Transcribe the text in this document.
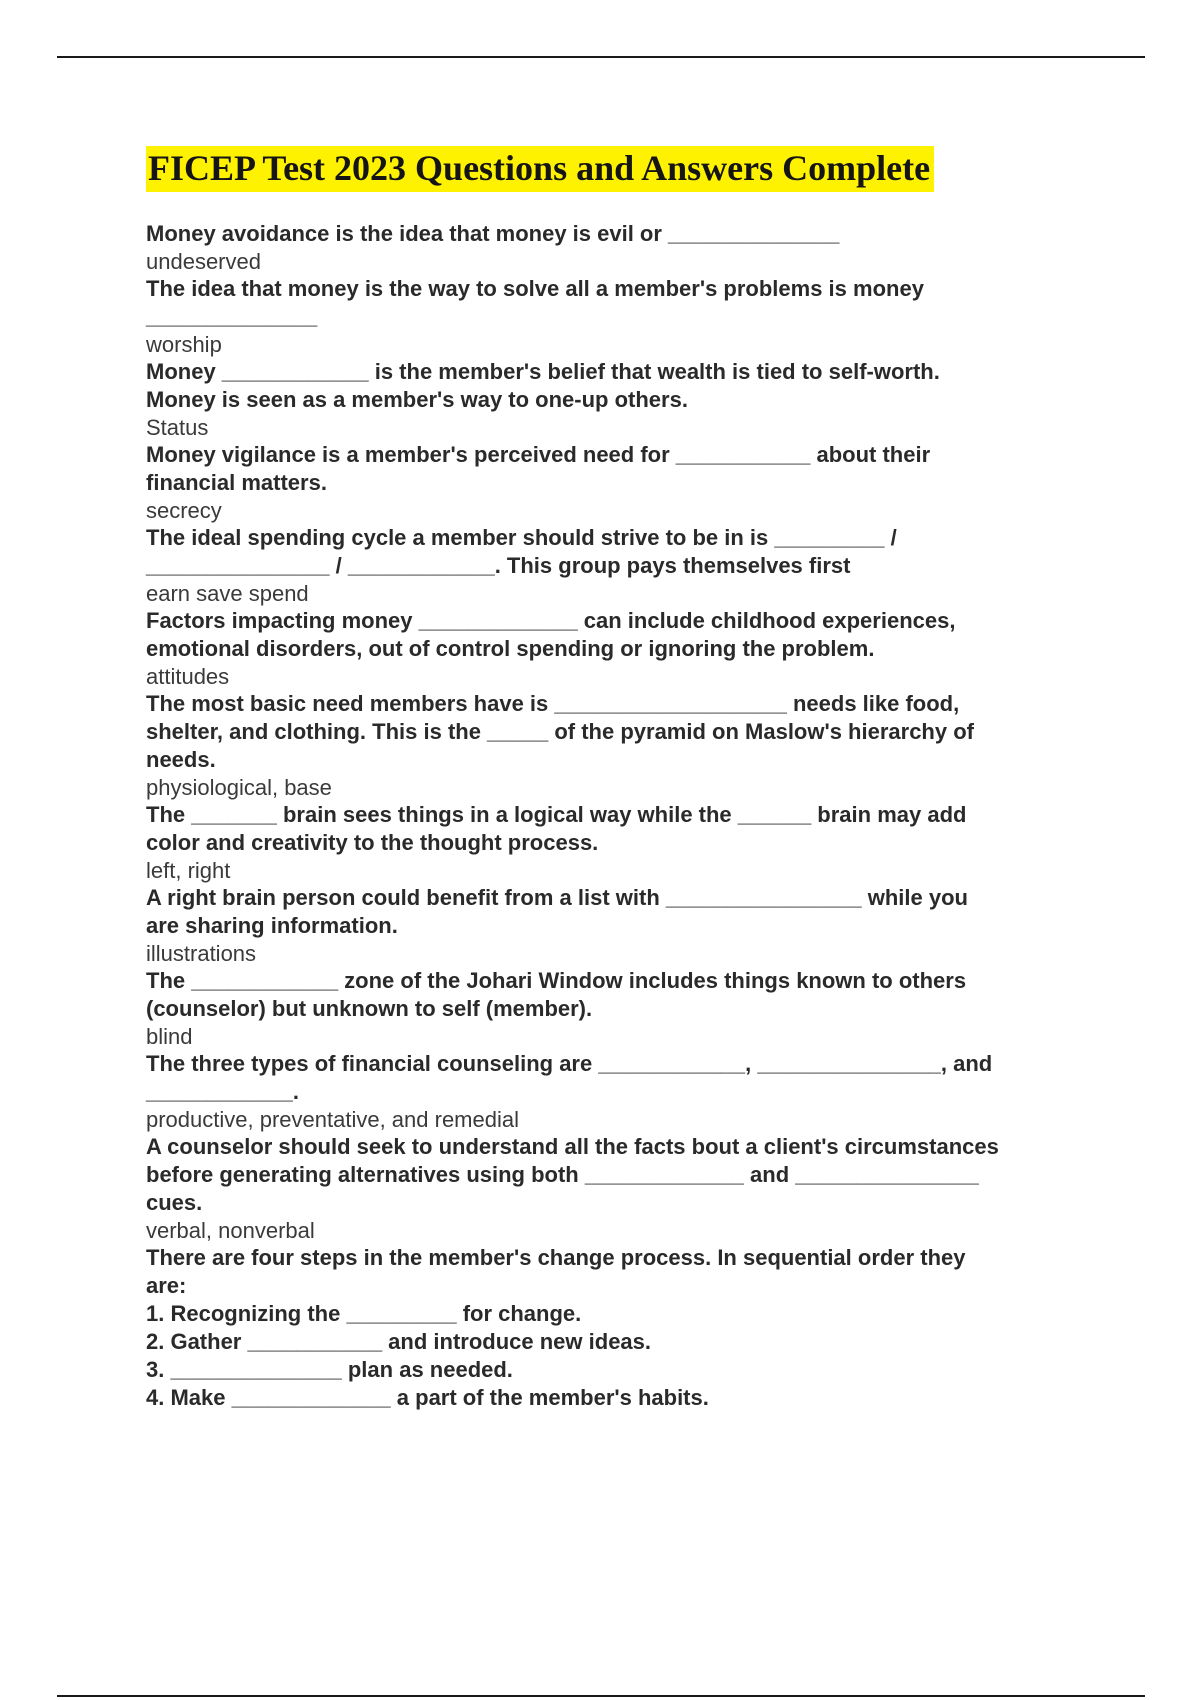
FICEP Test 2023 Questions and Answers Complete
Money avoidance is the idea that money is evil or ______________
undeserved
The idea that money is the way to solve all a member's problems is money
______________
worship
Money ____________ is the member's belief that wealth is tied to self-worth.
Money is seen as a member's way to one-up others.
Status
Money vigilance is a member's perceived need for ___________ about their
financial matters.
secrecy
The ideal spending cycle a member should strive to be in is _________ /
_______________ / ____________. This group pays themselves first
earn save spend
Factors impacting money _____________ can include childhood experiences,
emotional disorders, out of control spending or ignoring the problem.
attitudes
The most basic need members have is ___________________ needs like food,
shelter, and clothing. This is the _____ of the pyramid on Maslow's hierarchy of
needs.
physiological, base
The _______ brain sees things in a logical way while the ______ brain may add
color and creativity to the thought process.
left, right
A right brain person could benefit from a list with ________________ while you
are sharing information.
illustrations
The ____________ zone of the Johari Window includes things known to others
(counselor) but unknown to self (member).
blind
The three types of financial counseling are ____________, _______________, and
____________.
productive, preventative, and remedial
A counselor should seek to understand all the facts bout a client's circumstances
before generating alternatives using both _____________ and _______________
cues.
verbal, nonverbal
There are four steps in the member's change process. In sequential order they
are:
1. Recognizing the _________ for change.
2. Gather ___________ and introduce new ideas.
3. ______________ plan as needed.
4. Make _____________ a part of the member's habits.
